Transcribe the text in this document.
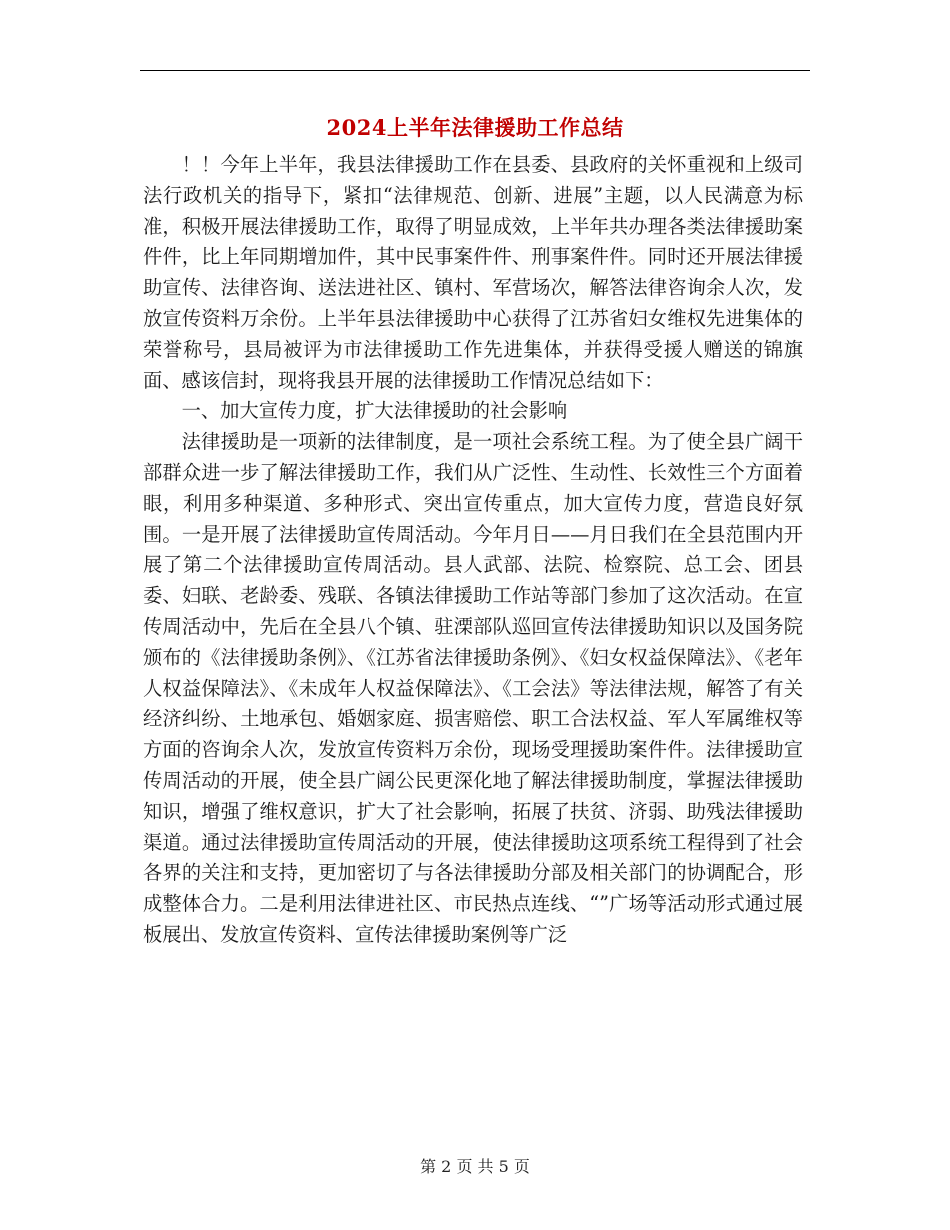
2024上半年法律援助工作总结

！！今年上半年，我县法律援助工作在县委、县政府的关怀重视和上级司法行政机关的指导下，紧扣“法律规范、创新、进展”主题，以人民满意为标准，积极开展法律援助工作，取得了明显成效，上半年共办理各类法律援助案件件，比上年同期增加件，其中民事案件件、刑事案件件。同时还开展法律援助宣传、法律咨询、送法进社区、镇村、军营场次，解答法律咨询余人次，发放宣传资料万余份。上半年县法律援助中心获得了江苏省妇女维权先进集体的荣誉称号，县局被评为市法律援助工作先进集体，并获得受援人赠送的锦旗面、感该信封，现将我县开展的法律援助工作情况总结如下：

一、加大宣传力度，扩大法律援助的社会影响

法律援助是一项新的法律制度，是一项社会系统工程。为了使全县广阔干部群众进一步了解法律援助工作，我们从广泛性、生动性、长效性三个方面着眼，利用多种渠道、多种形式、突出宣传重点，加大宣传力度，营造良好氛围。一是开展了法律援助宣传周活动。今年月日——月日我们在全县范围内开展了第二个法律援助宣传周活动。县人武部、法院、检察院、总工会、团县委、妇联、老龄委、残联、各镇法律援助工作站等部门参加了这次活动。在宣传周活动中，先后在全县八个镇、驻溧部队巡回宣传法律援助知识以及国务院颁布的《法律援助条例》、《江苏省法律援助条例》、《妇女权益保障法》、《老年人权益保障法》、《未成年人权益保障法》、《工会法》等法律法规，解答了有关经济纠纷、土地承包、婚姻家庭、损害赔偿、职工合法权益、军人军属维权等方面的咨询余人次，发放宣传资料万余份，现场受理援助案件件。法律援助宣传周活动的开展，使全县广阔公民更深化地了解法律援助制度，掌握法律援助知识，增强了维权意识，扩大了社会影响，拓展了扶贫、济弱、助残法律援助渠道。通过法律援助宣传周活动的开展，使法律援助这项系统工程得到了社会各界的关注和支持，更加密切了与各法律援助分部及相关部门的协调配合，形成整体合力。二是利用法律进社区、市民热点连线、“”广场等活动形式通过展板展出、发放宣传资料、宣传法律援助案例等广泛

第 2 页 共 5 页
